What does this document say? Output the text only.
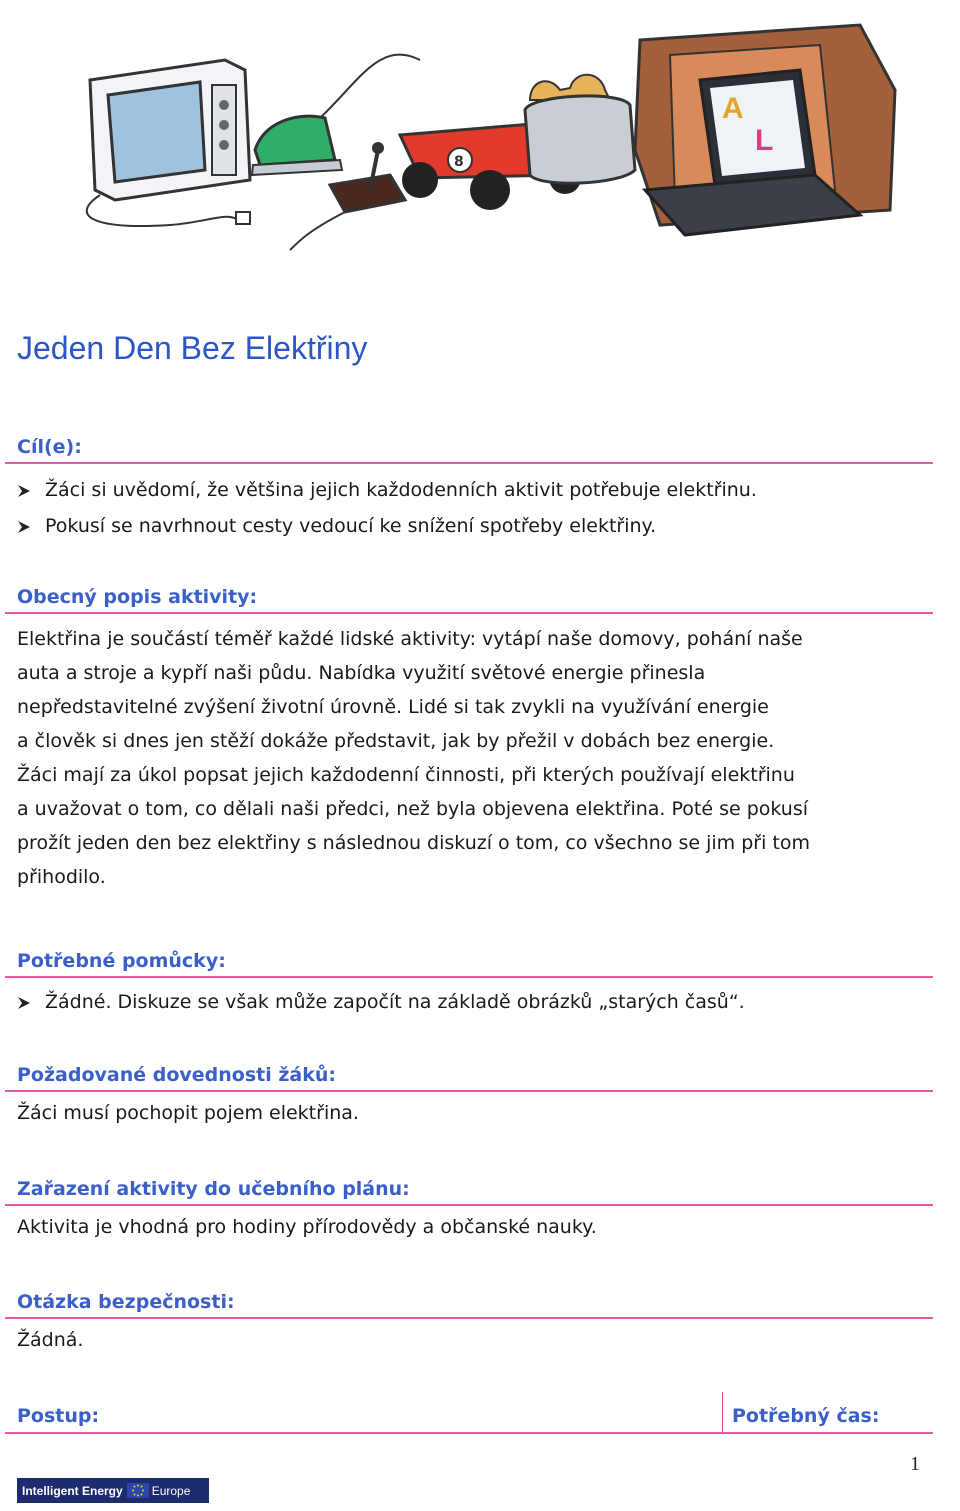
8
A
L
Jeden Den Bez Elektřiny
Cíl(e):
Žáci si uvědomí, že většina jejich každodenních aktivit potřebuje elektřinu.
Pokusí se navrhnout cesty vedoucí ke snížení spotřeby elektřiny.
Obecný popis aktivity:
Elektřina je součástí téměř každé lidské aktivity: vytápí naše domovy, pohání naše
auta a stroje a kypří naši půdu. Nabídka využití světové energie přinesla
nepředstavitelné zvýšení životní úrovně. Lidé si tak zvykli na využívání energie
a člověk si dnes jen stěží dokáže představit, jak by přežil v dobách bez energie.
Žáci mají za úkol popsat jejich každodenní činnosti, při kterých používají elektřinu
a uvažovat o tom, co dělali naši předci, než byla objevena elektřina. Poté se pokusí
prožít jeden den bez elektřiny s následnou diskuzí o tom, co všechno se jim při tom
přihodilo.
Potřebné pomůcky:
Žádné. Diskuze se však může započít na základě obrázků „starých časů“.
Požadované dovednosti žáků:
Žáci musí pochopit pojem elektřina.
Zařazení aktivity do učebního plánu:
Aktivita je vhodná pro hodiny přírodovědy a občanské nauky.
Otázka bezpečnosti:
Žádná.
Postup:	Potřebný čas:
Intelligent Energy Europe
1
